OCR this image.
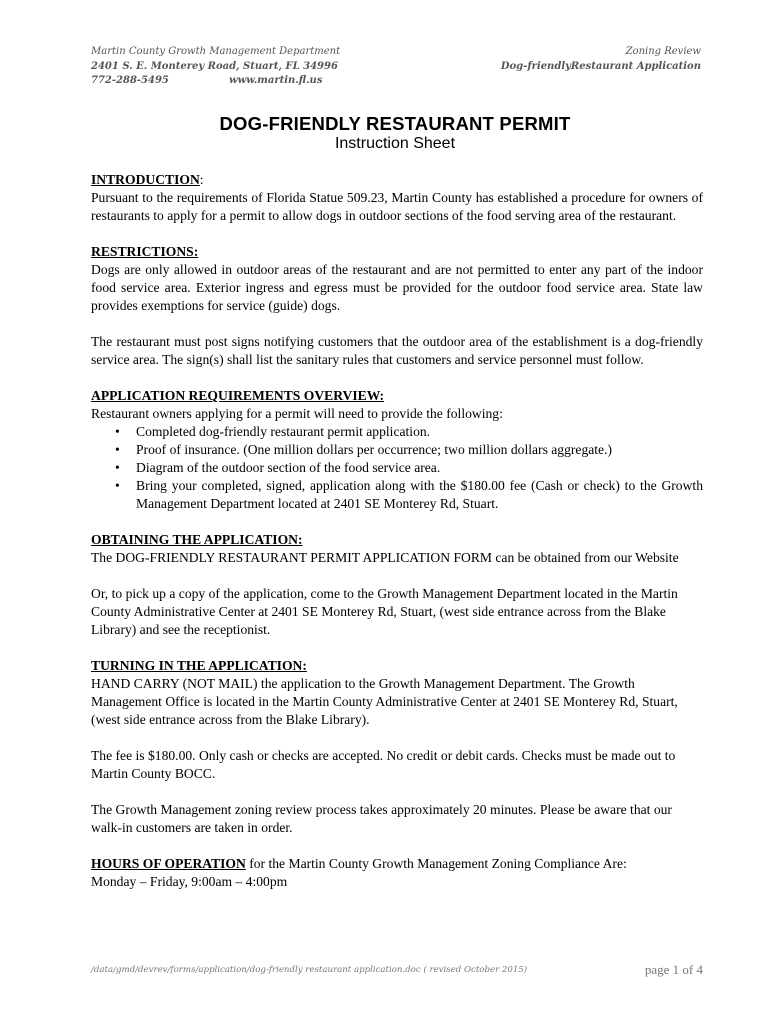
Martin County Growth Management Department
2401 S. E. Monterey Road, Stuart, FL 34996
772-288-5495	www.martin.fl.us
Zoning Review
Dog-friendlyRestaurant Application
DOG-FRIENDLY RESTAURANT PERMIT
Instruction Sheet

INTRODUCTION:

Pursuant to the requirements of Florida Statue 509.23, Martin County has established a procedure for owners of restaurants to apply for a permit to allow dogs in outdoor sections of the food serving area of the restaurant.

RESTRICTIONS:

Dogs are only allowed in outdoor areas of the restaurant and are not permitted to enter any part of the indoor food service area. Exterior ingress and egress must be provided for the outdoor food service area. State law provides exemptions for service (guide) dogs.

The restaurant must post signs notifying customers that the outdoor area of the establishment is a dog-friendly service area. The sign(s) shall list the sanitary rules that customers and service personnel must follow.

APPLICATION REQUIREMENTS OVERVIEW:

Restaurant owners applying for a permit will need to provide the following:

• Completed dog-friendly restaurant permit application.
• Proof of insurance. (One million dollars per occurrence; two million dollars aggregate.)
• Diagram of the outdoor section of the food service area.
• Bring your completed, signed, application along with the $180.00 fee (Cash or check) to the Growth Management Department located at 2401 SE Monterey Rd, Stuart.

OBTAINING THE APPLICATION:

The DOG-FRIENDLY RESTAURANT PERMIT APPLICATION FORM can be obtained from our Website

Or, to pick up a copy of the application, come to the Growth Management Department located in the Martin County Administrative Center at 2401 SE Monterey Rd, Stuart, (west side entrance across from the Blake Library) and see the receptionist.

TURNING IN THE APPLICATION:

HAND CARRY (NOT MAIL) the application to the Growth Management Department. The Growth Management Office is located in the Martin County Administrative Center at 2401 SE Monterey Rd, Stuart, (west side entrance across from the Blake Library).

The fee is $180.00. Only cash or checks are accepted. No credit or debit cards. Checks must be made out to Martin County BOCC.

The Growth Management zoning review process takes approximately 20 minutes. Please be aware that our walk-in customers are taken in order.

HOURS OF OPERATION for the Martin County Growth Management Zoning Compliance Are:

Monday – Friday, 9:00am – 4:00pm

/data/gmd/devrev/forms/application/dog-friendly restaurant application.doc ( revised October 2015)	page 1 of 4
